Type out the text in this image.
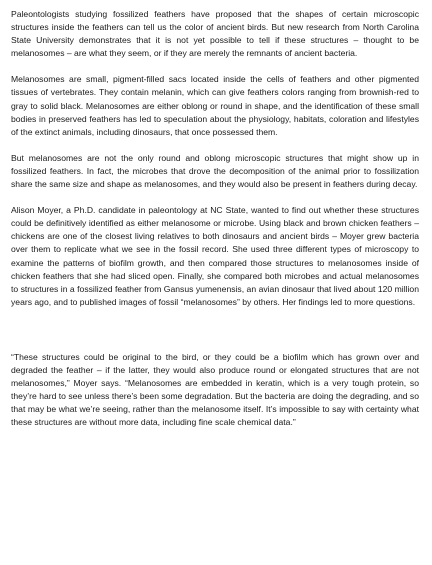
Paleontologists studying fossilized feathers have proposed that the shapes of certain microscopic structures inside the feathers can tell us the color of ancient birds. But new research from North Carolina State University demonstrates that it is not yet possible to tell if these structures – thought to be melanosomes – are what they seem, or if they are merely the remnants of ancient bacteria.

Melanosomes are small, pigment-filled sacs located inside the cells of feathers and other pigmented tissues of vertebrates. They contain melanin, which can give feathers colors ranging from brownish-red to gray to solid black. Melanosomes are either oblong or round in shape, and the identification of these small bodies in preserved feathers has led to speculation about the physiology, habitats, coloration and lifestyles of the extinct animals, including dinosaurs, that once possessed them.

But melanosomes are not the only round and oblong microscopic structures that might show up in fossilized feathers. In fact, the microbes that drove the decomposition of the animal prior to fossilization share the same size and shape as melanosomes, and they would also be present in feathers during decay.

Alison Moyer, a Ph.D. candidate in paleontology at NC State, wanted to find out whether these structures could be definitively identified as either melanosome or microbe. Using black and brown chicken feathers – chickens are one of the closest living relatives to both dinosaurs and ancient birds – Moyer grew bacteria over them to replicate what we see in the fossil record. She used three different types of microscopy to examine the patterns of biofilm growth, and then compared those structures to melanosomes inside of chicken feathers that she had sliced open. Finally, she compared both microbes and actual melanosomes to structures in a fossilized feather from Gansus yumenensis, an avian dinosaur that lived about 120 million years ago, and to published images of fossil “melanosomes” by others. Her findings led to more questions.

“These structures could be original to the bird, or they could be a biofilm which has grown over and degraded the feather – if the latter, they would also produce round or elongated structures that are not melanosomes,” Moyer says. “Melanosomes are embedded in keratin, which is a very tough protein, so they’re hard to see unless there’s been some degradation. But the bacteria are doing the degrading, and so that may be what we’re seeing, rather than the melanosome itself. It’s impossible to say with certainty what these structures are without more data, including fine scale chemical data.”
